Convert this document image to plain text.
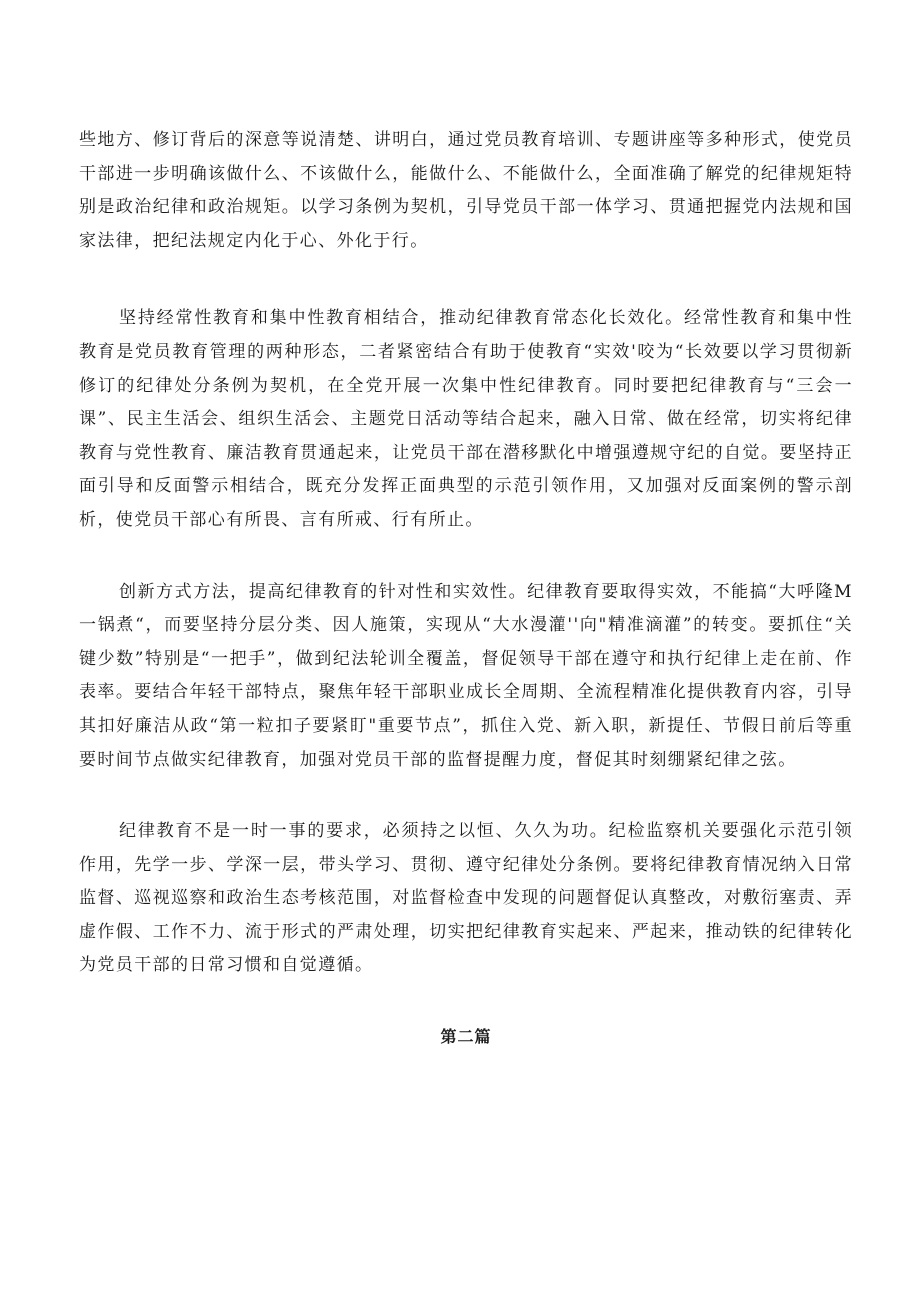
些地方、修订背后的深意等说清楚、讲明白，通过党员教育培训、专题讲座等多种形式，使党员干部进一步明确该做什么、不该做什么，能做什么、不能做什么，全面准确了解党的纪律规矩特别是政治纪律和政治规矩。以学习条例为契机，引导党员干部一体学习、贯通把握党内法规和国家法律，把纪法规定内化于心、外化于行。

坚持经常性教育和集中性教育相结合，推动纪律教育常态化长效化。经常性教育和集中性教育是党员教育管理的两种形态，二者紧密结合有助于使教育“实效'咬为“长效要以学习贯彻新修订的纪律处分条例为契机，在全党开展一次集中性纪律教育。同时要把纪律教育与“三会一课”、民主生活会、组织生活会、主题党日活动等结合起来，融入日常、做在经常，切实将纪律教育与党性教育、廉洁教育贯通起来，让党员干部在潜移默化中增强遵规守纪的自觉。要坚持正面引导和反面警示相结合，既充分发挥正面典型的示范引领作用，又加强对反面案例的警示剖析，使党员干部心有所畏、言有所戒、行有所止。

创新方式方法，提高纪律教育的针对性和实效性。纪律教育要取得实效，不能搞“大呼隆M一锅煮“，而要坚持分层分类、因人施策，实现从“大水漫灌''向"精准滴灌”的转变。要抓住“关键少数”特别是“一把手”，做到纪法轮训全覆盖，督促领导干部在遵守和执行纪律上走在前、作表率。要结合年轻干部特点，聚焦年轻干部职业成长全周期、全流程精准化提供教育内容，引导其扣好廉洁从政“第一粒扣子要紧盯"重要节点”，抓住入党、新入职，新提任、节假日前后等重要时间节点做实纪律教育，加强对党员干部的监督提醒力度，督促其时刻绷紧纪律之弦。

纪律教育不是一时一事的要求，必须持之以恒、久久为功。纪检监察机关要强化示范引领作用，先学一步、学深一层，带头学习、贯彻、遵守纪律处分条例。要将纪律教育情况纳入日常监督、巡视巡察和政治生态考核范围，对监督检查中发现的问题督促认真整改，对敷衍塞责、弄虚作假、工作不力、流于形式的严肃处理，切实把纪律教育实起来、严起来，推动铁的纪律转化为党员干部的日常习惯和自觉遵循。

第二篇
